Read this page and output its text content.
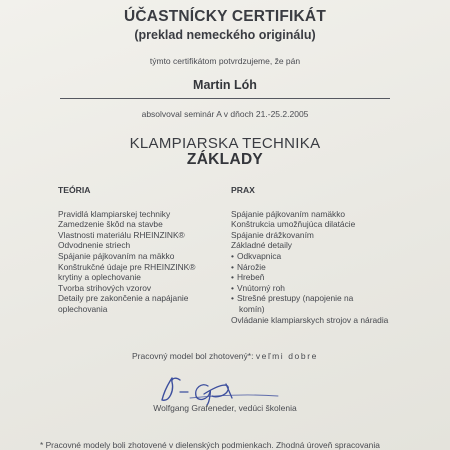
ÚČASTNÍCKY CERTIFIKÁT
(preklad nemeckého originálu)
týmto certifikátom potvrdzujeme, že pán
Martin Lóh
absolvoval seminár A v dňoch 21.-25.2.2005
KLAMPIARSKA TECHNIKA
ZÁKLADY
TEÓRIA
Pravidlá klampiarskej techniky
Zamedzenie škôd na stavbe
Vlastnosti materiálu RHEINZINK®
Odvodnenie striech
Spájanie pájkovaním na mäkko
Konštrukčné údaje pre RHEINZINK®
krytiny a oplechovanie
Tvorba strihových vzorov
Detaily pre zakončenie a napájanie
oplechovania
PRAX
Spájanie pájkovaním namäkko
Konštrukcia umožňujúca dilatácie
Spájanie drážkovaním
Základné detaily
• Odkvapnica
• Nárožie
• Hrebeň
• Vnútorný roh
• Strešné prestupy (napojenie na
komín)
Ovládanie klampiarskych strojov a náradia
Pracovný model bol zhotovený*: veľmi dobre
Wolfgang Grafeneder, vedúci školenia
* Pracovné modely boli zhotovené v dielenských podmienkach. Zhodná úroveň spracovania
